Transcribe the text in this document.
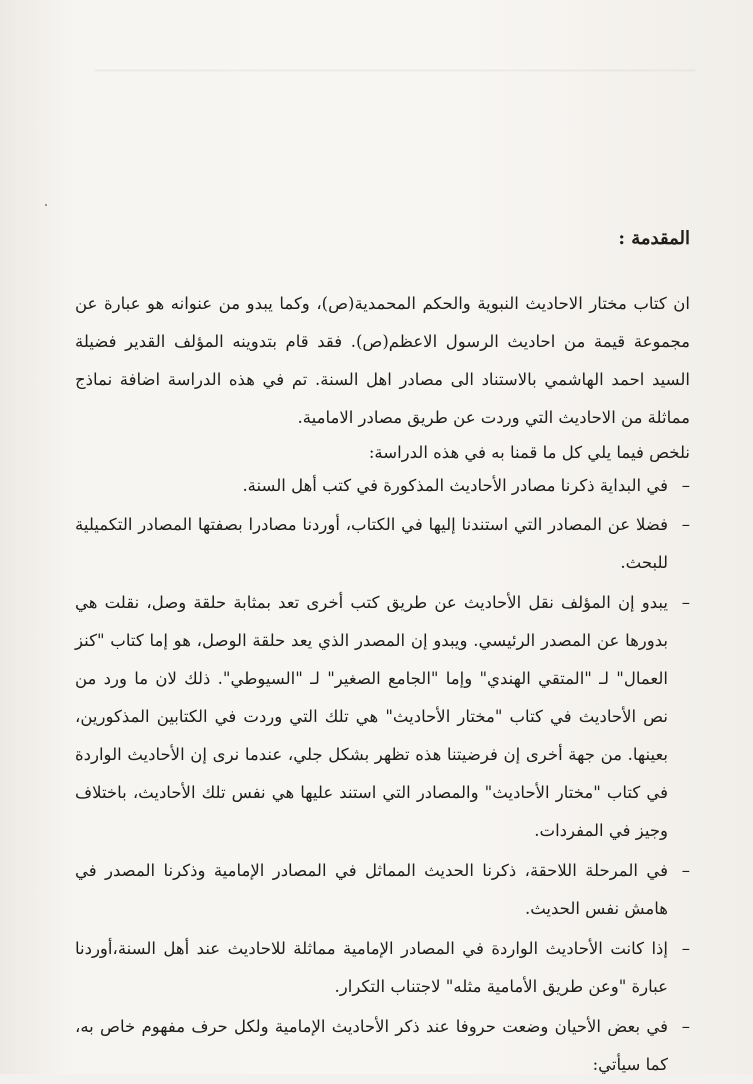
المقدمة :

ان كتاب مختار الاحاديث النبوية والحكم المحمدية(ص)، وكما يبدو من عنوانه هو عبارة عن مجموعة قيمة من احاديث الرسول الاعظم(ص). فقد قام بتدوينه المؤلف القدير فضيلة السيد احمد الهاشمي بالاستناد الى مصادر اهل السنة. تم في هذه الدراسة اضافة نماذج مماثلة من الاحاديث التي وردت عن طريق مصادر الامامية.

نلخص فيما يلي كل ما قمنا به في هذه الدراسة:

–
في البداية ذكرنا مصادر الأحاديث المذكورة في كتب أهل السنة.
–
فضلا عن المصادر التي استندنا إليها في الكتاب، أوردنا مصادرا بصفتها المصادر التكميلية للبحث.
–
يبدو إن المؤلف نقل الأحاديث عن طريق كتب أخرى تعد بمثابة حلقة وصل، نقلت هي بدورها عن المصدر الرئيسي. ويبدو إن المصدر الذي يعد حلقة الوصل، هو إما كتاب "كنز العمال" لـ "المتقي الهندي" وإما "الجامع الصغير" لـ "السيوطي". ذلك لان ما ورد من نص الأحاديث في كتاب "مختار الأحاديث" هي تلك التي وردت في الكتابين المذكورين، بعينها. من جهة أخرى إن فرضيتنا هذه تظهر بشكل جلي، عندما نرى إن الأحاديث الواردة في كتاب "مختار الأحاديث" والمصادر التي استند عليها هي نفس تلك الأحاديث، باختلاف وجيز في المفردات.
–
في المرحلة اللاحقة، ذكرنا الحديث المماثل في المصادر الإمامية وذكرنا المصدر في هامش نفس الحديث.
–
إذا كانت الأحاديث الواردة في المصادر الإمامية مماثلة للاحاديث عند أهل السنة،أوردنا عبارة "وعن طريق الأمامية مثله" لاجتناب التكرار.
–
في بعض الأحيان وضعت حروفا عند ذكر الأحاديث الإمامية ولكل حرف مفهوم خاص به، كما سيأتي:
